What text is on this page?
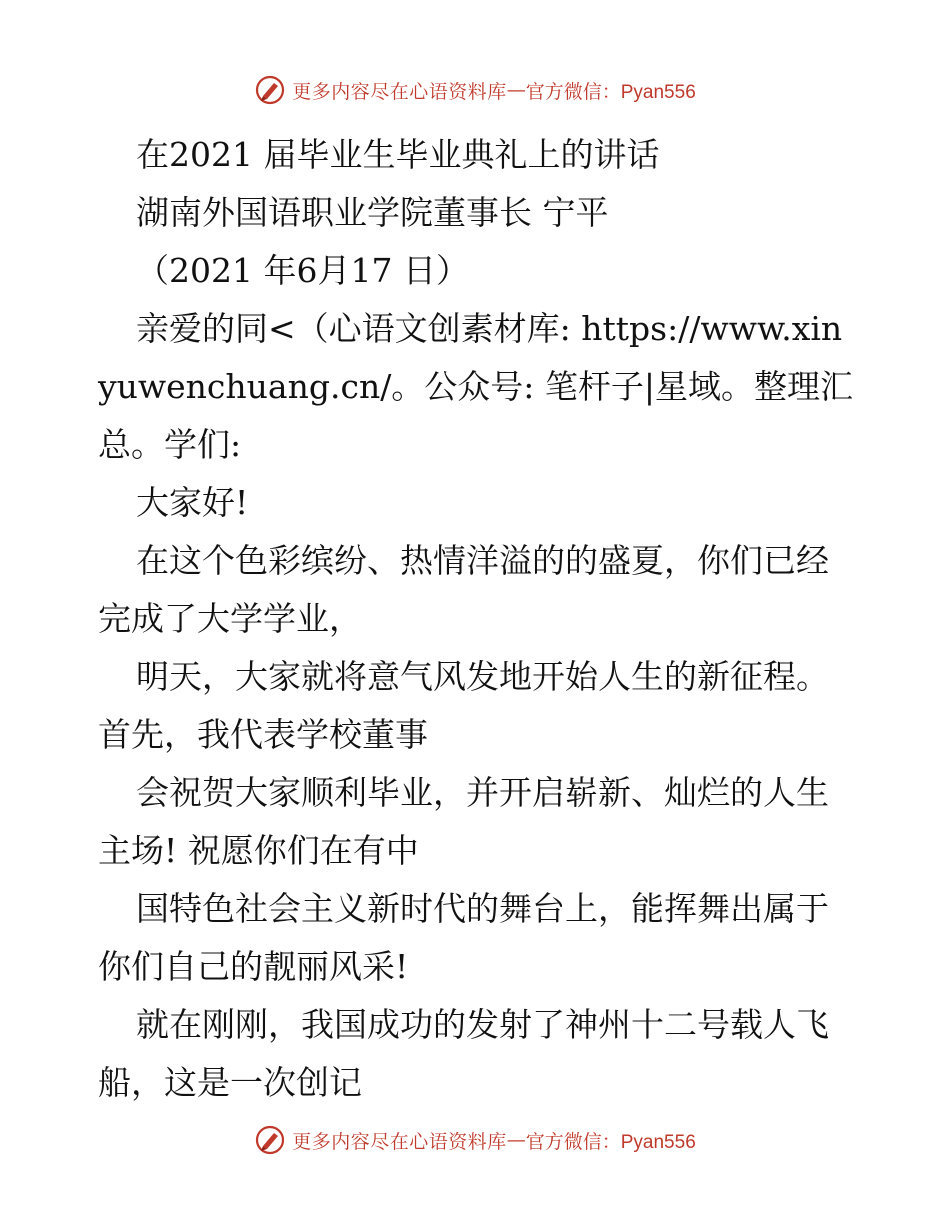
更多内容尽在心语资料库 — 官方微信：Pyan556

在2021 届毕业生毕业典礼上的讲话

湖南外国语职业学院董事长 宁平

（2021 年6月17 日）

亲爱的同<（心语文创素材库: https://www.xinyuwenchuang.cn/。公众号: 笔杆子|星域。整理汇总。学们:

大家好!

在这个色彩缤纷、热情洋溢的的盛夏，你们已经完成了大学学业，

明天，大家就将意气风发地开始人生的新征程。首先，我代表学校董事

会祝贺大家顺利毕业，并开启崭新、灿烂的人生主场! 祝愿你们在有中

国特色社会主义新时代的舞台上，能挥舞出属于你们自己的靓丽风采!

就在刚刚，我国成功的发射了神州十二号载人飞船，这是一次创记

更多内容尽在心语资料库 — 官方微信：Pyan556
